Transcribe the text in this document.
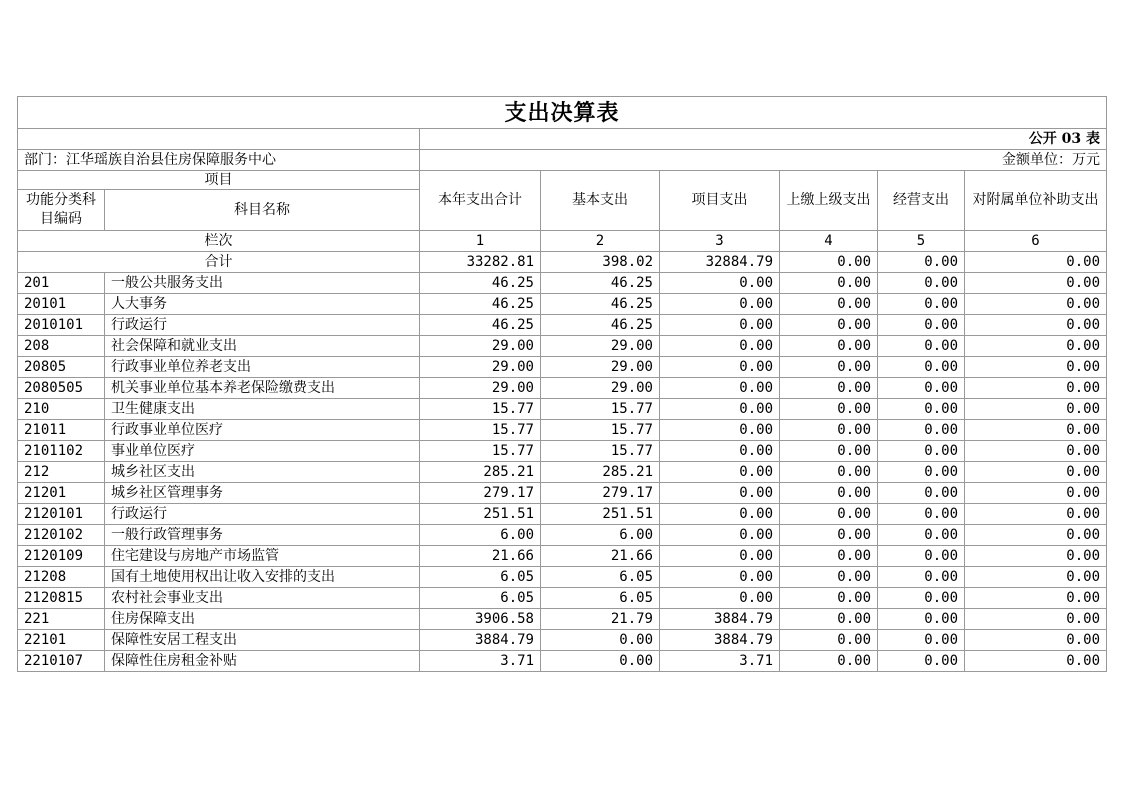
支出决算表							
		公开 03 表					
部门：江华瑶族自治县住房保障服务中心		金额单位：万元					
项目		本年支出合计	基本支出	项目支出	上缴上级支出	经营支出	对附属单位补助支出
功能分类科目编码	科目名称						
栏次		1	2	3	4	5	6
合计		33282.81	398.02	32884.79	0.00	0.00	0.00
201	一般公共服务支出	46.25	46.25	0.00	0.00	0.00	0.00
20101	人大事务	46.25	46.25	0.00	0.00	0.00	0.00
2010101	行政运行	46.25	46.25	0.00	0.00	0.00	0.00
208	社会保障和就业支出	29.00	29.00	0.00	0.00	0.00	0.00
20805	行政事业单位养老支出	29.00	29.00	0.00	0.00	0.00	0.00
2080505	机关事业单位基本养老保险缴费支出	29.00	29.00	0.00	0.00	0.00	0.00
210	卫生健康支出	15.77	15.77	0.00	0.00	0.00	0.00
21011	行政事业单位医疗	15.77	15.77	0.00	0.00	0.00	0.00
2101102	事业单位医疗	15.77	15.77	0.00	0.00	0.00	0.00
212	城乡社区支出	285.21	285.21	0.00	0.00	0.00	0.00
21201	城乡社区管理事务	279.17	279.17	0.00	0.00	0.00	0.00
2120101	行政运行	251.51	251.51	0.00	0.00	0.00	0.00
2120102	一般行政管理事务	6.00	6.00	0.00	0.00	0.00	0.00
2120109	住宅建设与房地产市场监管	21.66	21.66	0.00	0.00	0.00	0.00
21208	国有土地使用权出让收入安排的支出	6.05	6.05	0.00	0.00	0.00	0.00
2120815	农村社会事业支出	6.05	6.05	0.00	0.00	0.00	0.00
221	住房保障支出	3906.58	21.79	3884.79	0.00	0.00	0.00
22101	保障性安居工程支出	3884.79	0.00	3884.79	0.00	0.00	0.00
2210107	保障性住房租金补贴	3.71	0.00	3.71	0.00	0.00	0.00
